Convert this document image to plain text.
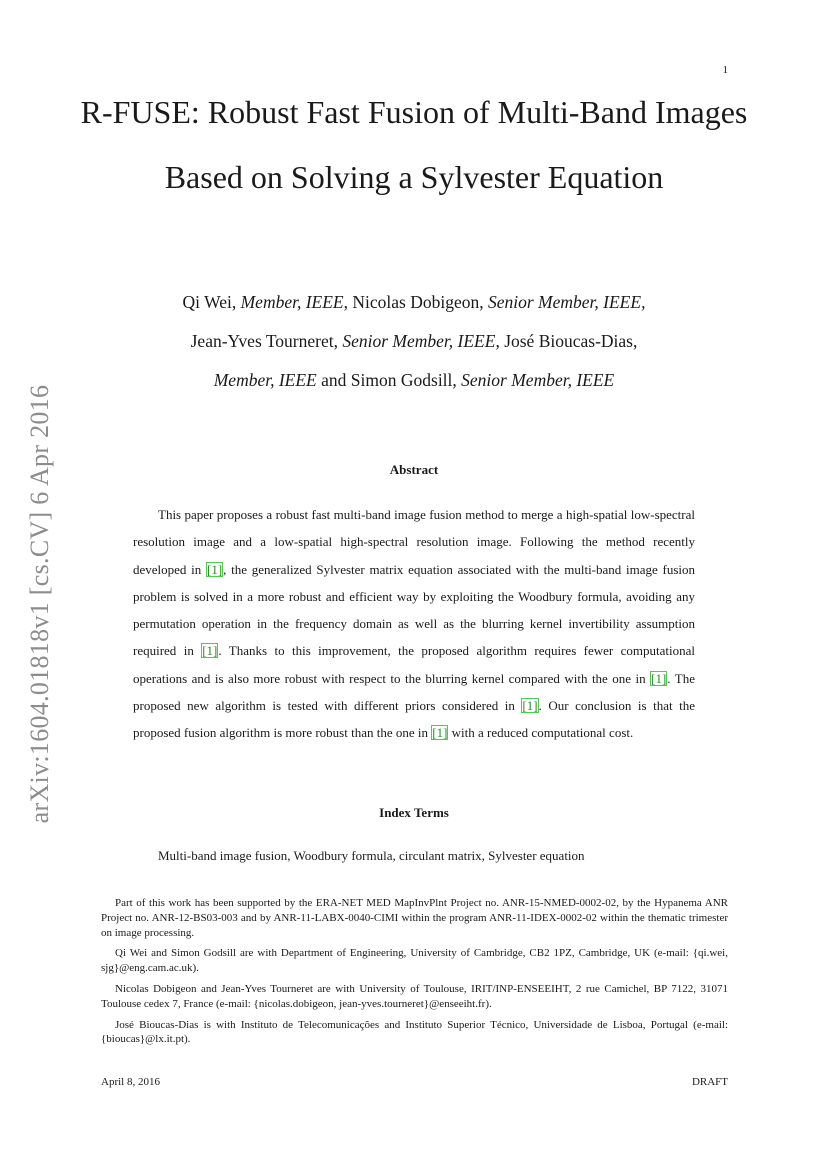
1
arXiv:1604.01818v1 [cs.CV] 6 Apr 2016
R-FUSE: Robust Fast Fusion of Multi-Band Images Based on Solving a Sylvester Equation
Qi Wei, Member, IEEE, Nicolas Dobigeon, Senior Member, IEEE,
Jean-Yves Tourneret, Senior Member, IEEE, José Bioucas-Dias,
Member, IEEE and Simon Godsill, Senior Member, IEEE
Abstract

This paper proposes a robust fast multi-band image fusion method to merge a high-spatial low-spectral resolution image and a low-spatial high-spectral resolution image. Following the method recently developed in [1], the generalized Sylvester matrix equation associated with the multi-band image fusion problem is solved in a more robust and efficient way by exploiting the Woodbury formula, avoiding any permutation operation in the frequency domain as well as the blurring kernel invertibility assumption required in [1]. Thanks to this improvement, the proposed algorithm requires fewer computational operations and is also more robust with respect to the blurring kernel compared with the one in [1]. The proposed new algorithm is tested with different priors considered in [1]. Our conclusion is that the proposed fusion algorithm is more robust than the one in [1] with a reduced computational cost.

Index Terms
Multi-band image fusion, Woodbury formula, circulant matrix, Sylvester equation

Part of this work has been supported by the ERA-NET MED MapInvPlnt Project no. ANR-15-NMED-0002-02, by the Hypanema ANR Project no. ANR-12-BS03-003 and by ANR-11-LABX-0040-CIMI within the program ANR-11-IDEX-0002-02 within the thematic trimester on image processing.

Qi Wei and Simon Godsill are with Department of Engineering, University of Cambridge, CB2 1PZ, Cambridge, UK (e-mail: {qi.wei, sjg}@eng.cam.ac.uk).

Nicolas Dobigeon and Jean-Yves Tourneret are with University of Toulouse, IRIT/INP-ENSEEIHT, 2 rue Camichel, BP 7122, 31071 Toulouse cedex 7, France (e-mail: {nicolas.dobigeon, jean-yves.tourneret}@enseeiht.fr).

José Bioucas-Dias is with Instituto de Telecomunicações and Instituto Superior Técnico, Universidade de Lisboa, Portugal (e-mail: {bioucas}@lx.it.pt).

April 8, 2016	DRAFT
